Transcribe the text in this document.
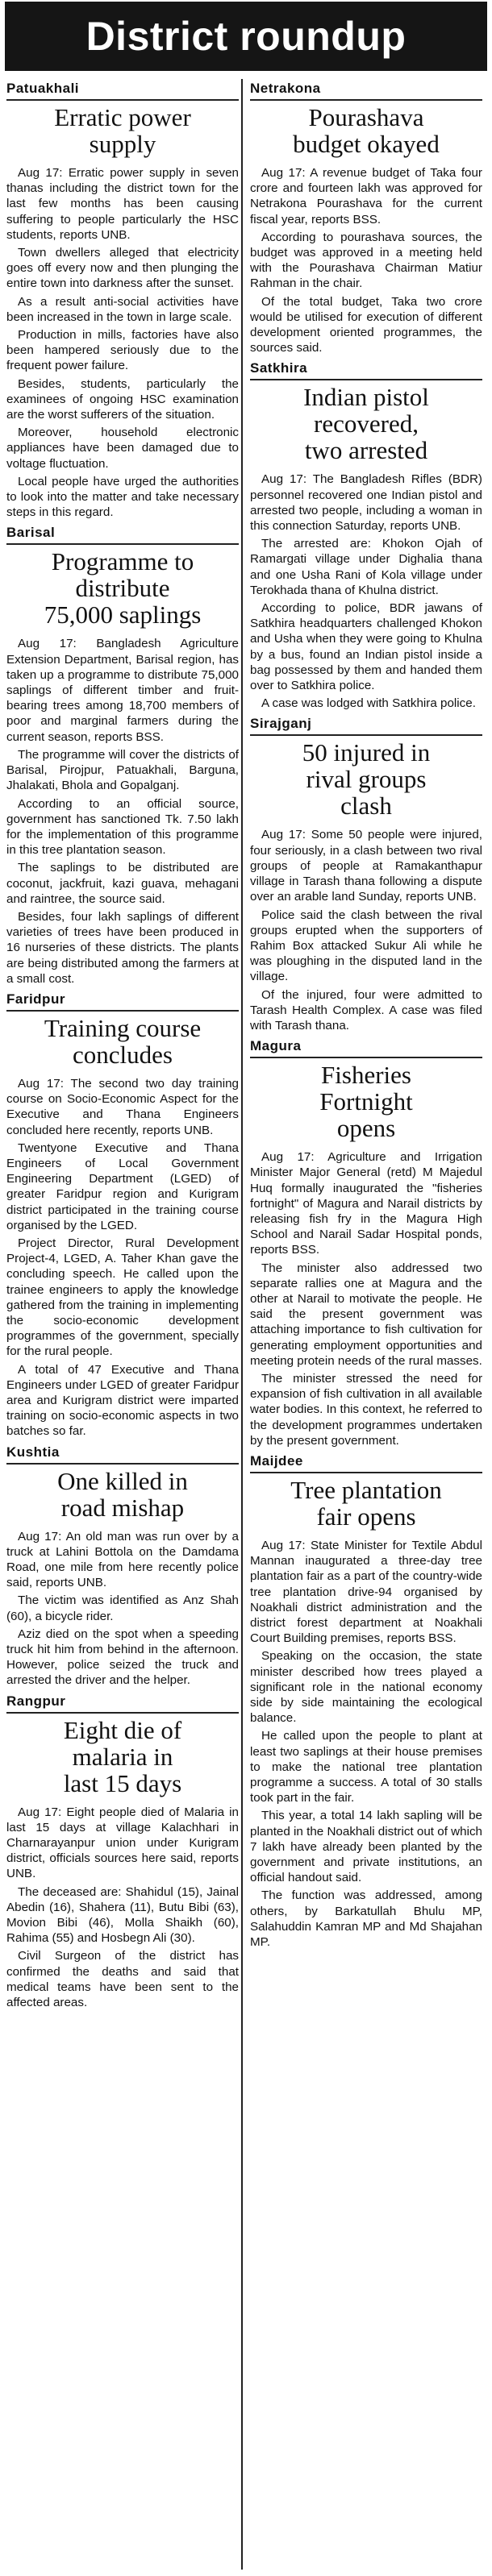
District roundup
Patuakhali
Erratic power
supply

Aug 17: Erratic power supply in seven thanas including the district town for the last few months has been causing suffering to people particularly the HSC students, reports UNB.

Town dwellers alleged that electricity goes off every now and then plunging the entire town into darkness after the sunset.

As a result anti-social activities have been increased in the town in large scale.

Production in mills, factories have also been hampered seriously due to the frequent power failure.

Besides, students, particularly the examinees of ongoing HSC examination are the worst sufferers of the situation.

Moreover, household electronic appliances have been damaged due to voltage fluctuation.

Local people have urged the authorities to look into the matter and take necessary steps in this regard.

Barisal
Programme to
distribute
75,000 saplings

Aug 17: Bangladesh Agriculture Extension Department, Barisal region, has taken up a programme to distribute 75,000 saplings of different timber and fruit-bearing trees among 18,700 members of poor and marginal farmers during the current season, reports BSS.

The programme will cover the districts of Barisal, Pirojpur, Patuakhali, Barguna, Jhalakati, Bhola and Gopalganj.

According to an official source, government has sanctioned Tk. 7.50 lakh for the implementation of this programme in this tree plantation season.

The saplings to be distributed are coconut, jackfruit, kazi guava, mehagani and raintree, the source said.

Besides, four lakh saplings of different varieties of trees have been produced in 16 nurseries of these districts. The plants are being distributed among the farmers at a small cost.

Faridpur
Training course
concludes

Aug 17: The second two day training course on Socio-Economic Aspect for the Executive and Thana Engineers concluded here recently, reports UNB.

Twentyone Executive and Thana Engineers of Local Government Engineering Department (LGED) of greater Faridpur region and Kurigram district participated in the training course organised by the LGED.

Project Director, Rural Development Project-4, LGED, A. Taher Khan gave the concluding speech. He called upon the trainee engineers to apply the knowledge gathered from the training in implementing the socio-economic development programmes of the government, specially for the rural people.

A total of 47 Executive and Thana Engineers under LGED of greater Faridpur area and Kurigram district were imparted training on socio-economic aspects in two batches so far.

Kushtia
One killed in
road mishap

Aug 17: An old man was run over by a truck at Lahini Bottola on the Damdama Road, one mile from here recently police said, reports UNB.

The victim was identified as Anz Shah (60), a bicycle rider.

Aziz died on the spot when a speeding truck hit him from behind in the afternoon. However, police seized the truck and arrested the driver and the helper.

Rangpur
Eight die of
malaria in
last 15 days

Aug 17: Eight people died of Malaria in last 15 days at village Kalachhari in Charnarayanpur union under Kurigram district, officials sources here said, reports UNB.

The deceased are: Shahidul (15), Jainal Abedin (16), Shahera (11), Butu Bibi (63), Movion Bibi (46), Molla Shaikh (60), Rahima (55) and Hosbegn Ali (30).

Civil Surgeon of the district has confirmed the deaths and said that medical teams have been sent to the affected areas.

Netrakona
Pourashava
budget okayed

Aug 17: A revenue budget of Taka four crore and fourteen lakh was approved for Netrakona Pourashava for the current fiscal year, reports BSS.

According to pourashava sources, the budget was approved in a meeting held with the Pourashava Chairman Matiur Rahman in the chair.

Of the total budget, Taka two crore would be utilised for execution of different development oriented programmes, the sources said.

Satkhira
Indian pistol
recovered,
two arrested

Aug 17: The Bangladesh Rifles (BDR) personnel recovered one Indian pistol and arrested two people, including a woman in this connection Saturday, reports UNB.

The arrested are: Khokon Ojah of Ramargati village under Dighalia thana and one Usha Rani of Kola village under Terokhada thana of Khulna district.

According to police, BDR jawans of Satkhira headquarters challenged Khokon and Usha when they were going to Khulna by a bus, found an Indian pistol inside a bag possessed by them and handed them over to Satkhira police.

A case was lodged with Satkhira police.

Sirajganj
50 injured in
rival groups
clash

Aug 17: Some 50 people were injured, four seriously, in a clash between two rival groups of people at Ramakanthapur village in Tarash thana following a dispute over an arable land Sunday, reports UNB.

Police said the clash between the rival groups erupted when the supporters of Rahim Box attacked Sukur Ali while he was ploughing in the disputed land in the village.

Of the injured, four were admitted to Tarash Health Complex. A case was filed with Tarash thana.

Magura
Fisheries
Fortnight
opens

Aug 17: Agriculture and Irrigation Minister Major General (retd) M Majedul Huq formally inaugurated the "fisheries fortnight" of Magura and Narail districts by releasing fish fry in the Magura High School and Narail Sadar Hospital ponds, reports BSS.

The minister also addressed two separate rallies one at Magura and the other at Narail to motivate the people. He said the present government was attaching importance to fish cultivation for generating employment opportunities and meeting protein needs of the rural masses.

The minister stressed the need for expansion of fish cultivation in all available water bodies. In this context, he referred to the development programmes undertaken by the present government.

Maijdee
Tree plantation
fair opens

Aug 17: State Minister for Textile Abdul Mannan inaugurated a three-day tree plantation fair as a part of the country-wide tree plantation drive-94 organised by Noakhali district administration and the district forest department at Noakhali Court Building premises, reports BSS.

Speaking on the occasion, the state minister described how trees played a significant role in the national economy side by side maintaining the ecological balance.

He called upon the people to plant at least two saplings at their house premises to make the national tree plantation programme a success. A total of 30 stalls took part in the fair.

This year, a total 14 lakh sapling will be planted in the Noakhali district out of which 7 lakh have already been planted by the government and private institutions, an official handout said.

The function was addressed, among others, by Barkatullah Bhulu MP, Salahuddin Kamran MP and Md Shajahan MP.
